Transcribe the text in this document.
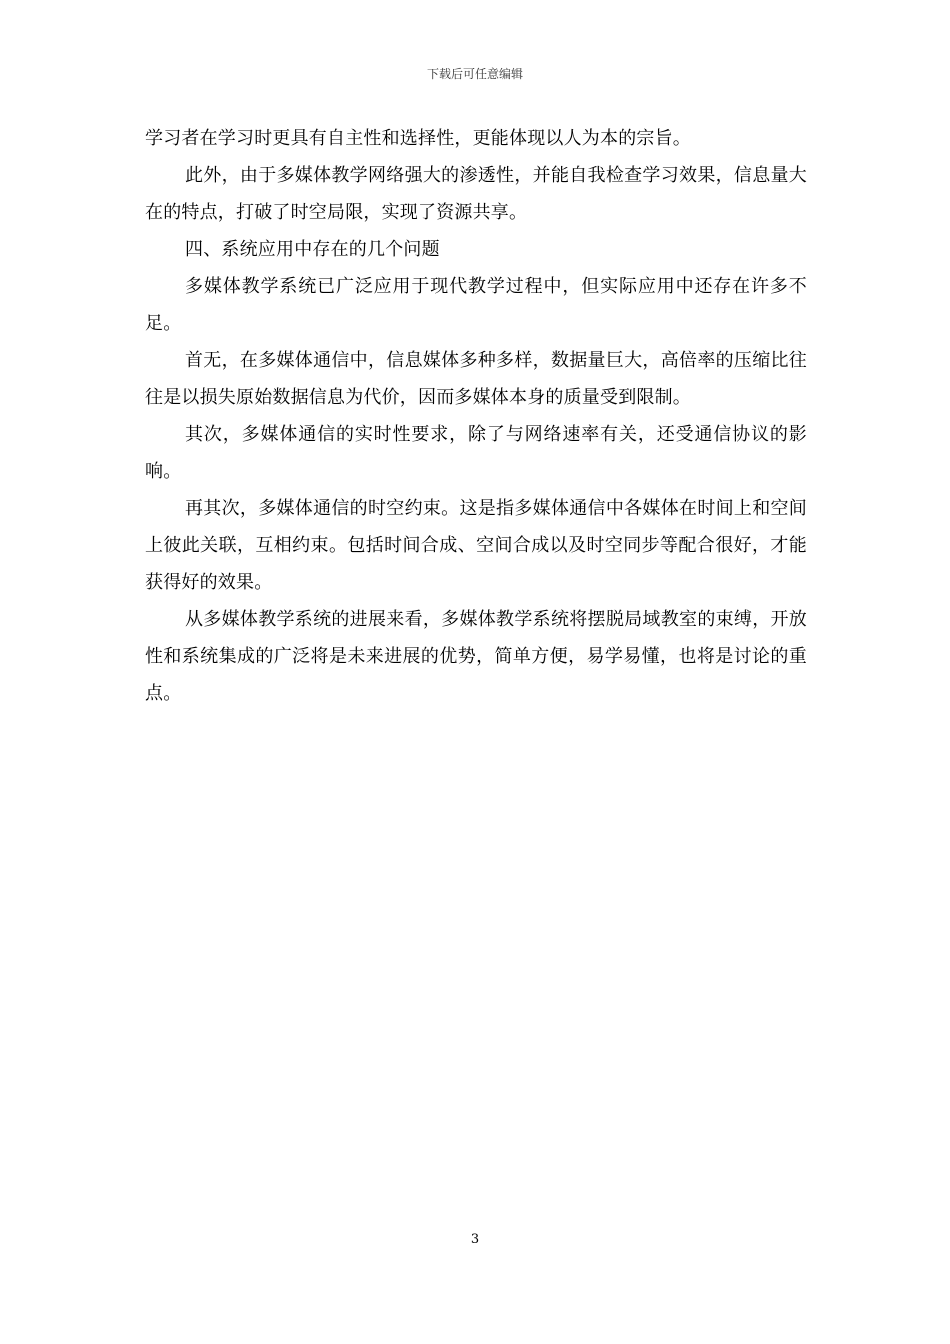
下载后可任意编辑

学习者在学习时更具有自主性和选择性，更能体现以人为本的宗旨。

此外，由于多媒体教学网络强大的渗透性，并能自我检查学习效果，信息量大在的特点，打破了时空局限，实现了资源共享。

四、系统应用中存在的几个问题

多媒体教学系统已广泛应用于现代教学过程中，但实际应用中还存在许多不足。

首无，在多媒体通信中，信息媒体多种多样，数据量巨大，高倍率的压缩比往往是以损失原始数据信息为代价，因而多媒体本身的质量受到限制。

其次，多媒体通信的实时性要求，除了与网络速率有关，还受通信协议的影响。

再其次，多媒体通信的时空约束。这是指多媒体通信中各媒体在时间上和空间上彼此关联，互相约束。包括时间合成、空间合成以及时空同步等配合很好，才能获得好的效果。

从多媒体教学系统的进展来看，多媒体教学系统将摆脱局域教室的束缚，开放性和系统集成的广泛将是未来进展的优势，简单方便，易学易懂，也将是讨论的重点。

3
